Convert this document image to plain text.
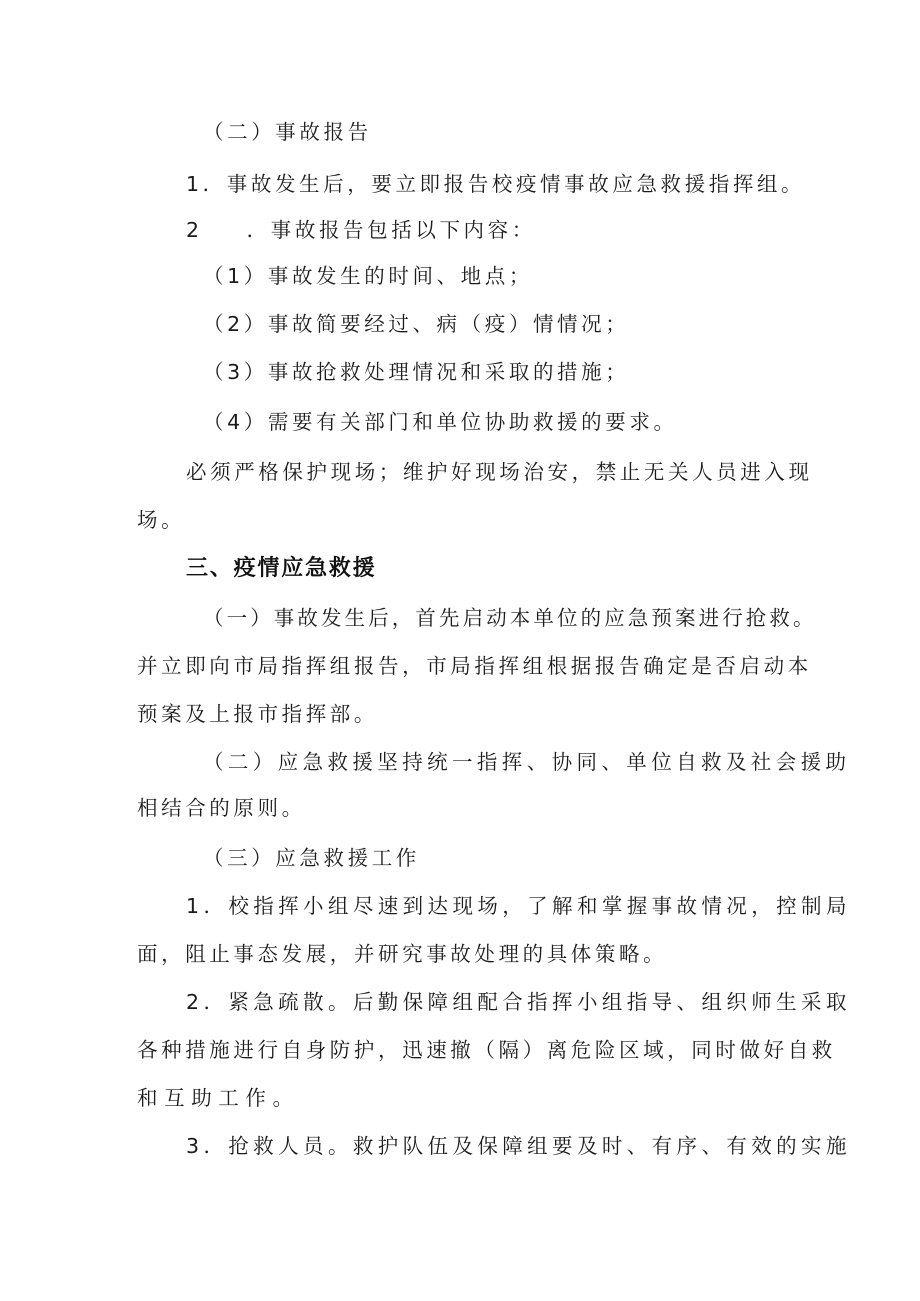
（二）事故报告

1．事故发生后，要立即报告校疫情事故应急救援指挥组。

2 ．事故报告包括以下内容：

（1）事故发生的时间、地点；

（2）事故简要经过、病（疫）情情况；

（3）事故抢救处理情况和采取的措施；

（4）需要有关部门和单位协助救援的要求。

必须严格保护现场；维护好现场治安，禁止无关人员进入现

场。

三、疫情应急救援

（一）事故发生后，首先启动本单位的应急预案进行抢救。

并立即向市局指挥组报告，市局指挥组根据报告确定是否启动本

预案及上报市指挥部。

（二）应急救援坚持统一指挥、协同、单位自救及社会援助

相结合的原则。

（三）应急救援工作

1．校指挥小组尽速到达现场，了解和掌握事故情况，控制局

面，阻止事态发展，并研究事故处理的具体策略。

2．紧急疏散。后勤保障组配合指挥小组指导、组织师生采取

各种措施进行自身防护，迅速撤（隔）离危险区域，同时做好自救

和互助工作。

3．抢救人员。救护队伍及保障组要及时、有序、有效的实施
